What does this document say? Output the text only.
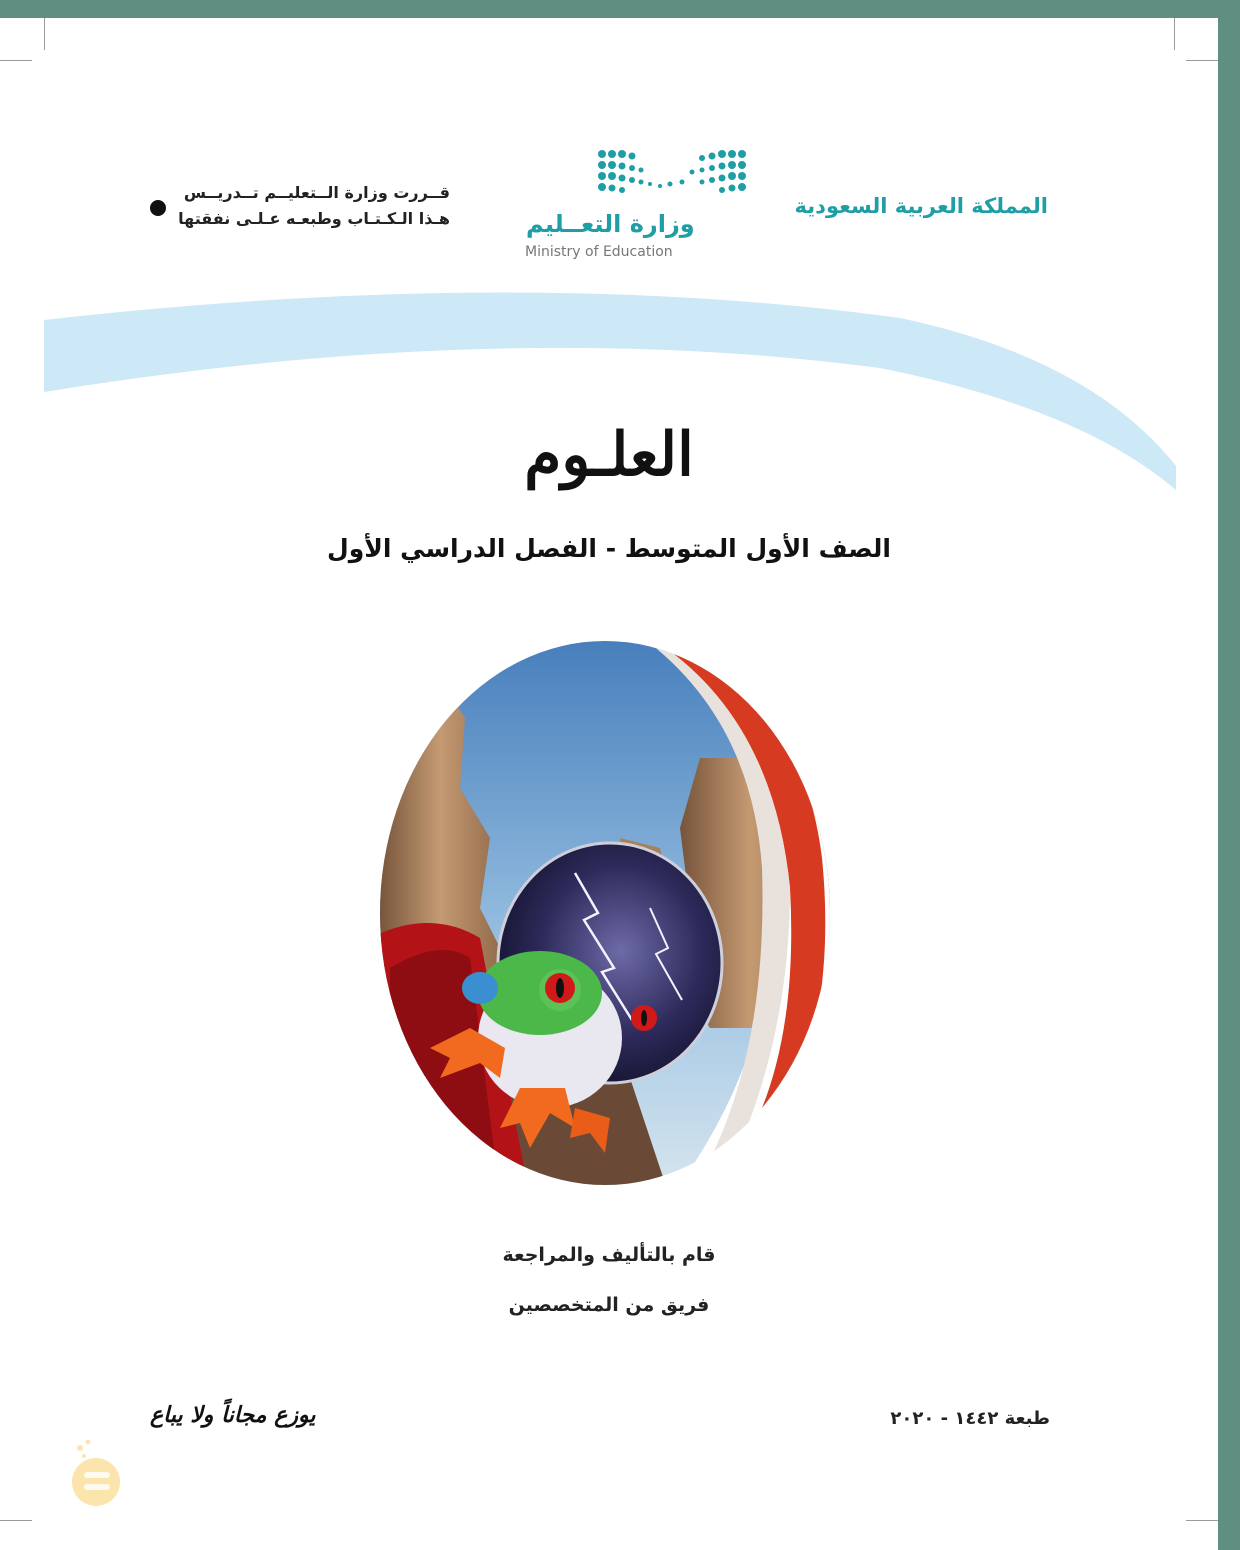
المملكة العربية السعودية
وزارة التعــليم
Ministry of Education
قــررت وزارة الــتعليــم تــدريــس
هـذا الـكـتـاب وطبعـه عـلـى نفقتها
العلـوم
الصف الأول المتوسط - الفصل الدراسي الأول
قام بالتأليف والمراجعة
فريق من المتخصصين
طبعة ١٤٤٢ - ٢٠٢٠
يوزع مجاناً ولا يباع
